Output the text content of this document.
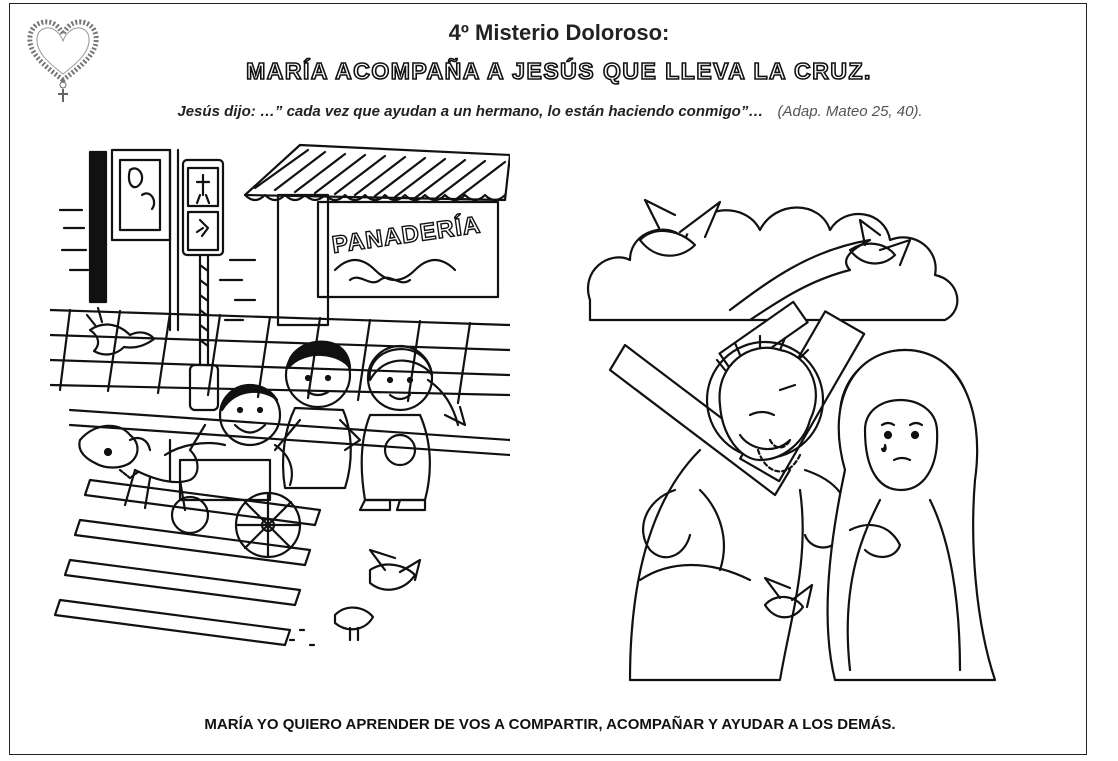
4º Misterio Doloroso:
MARÍA ACOMPAÑA A JESÚS QUE LLEVA LA CRUZ.
Jesús dijo: …” cada vez que ayudan a un hermano, lo están haciendo conmigo”… (Adap. Mateo 25, 40).
PANADERÍA
MARÍA YO QUIERO APRENDER DE VOS A COMPARTIR, ACOMPAÑAR Y AYUDAR A LOS DEMÁS.
